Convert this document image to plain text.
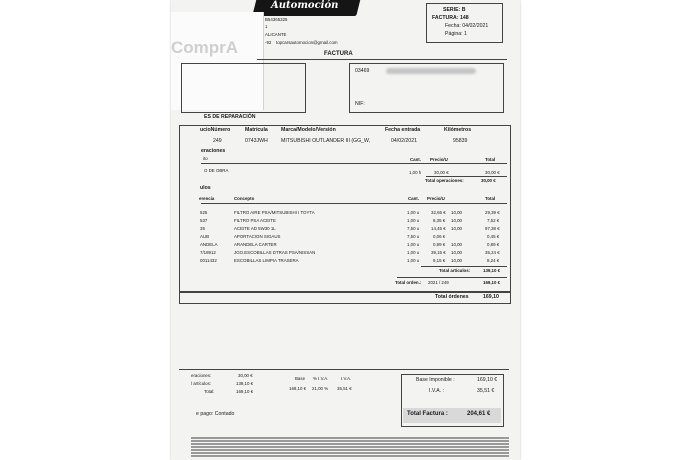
Automoción
ComprA
B54365325
1
ALICANTE
-92 topcarsautomocion@gmail.com
SERIE: B
FACTURA: 148
Fecha: 04/02/2021
Página: 1
FACTURA
03469
NIF:
ES DE REPARACIÓN
ucioNúmero	Matrícula	Marca/Modelo/Versión	Fecha entrada	Kilómetros
249	0743JWH	MITSUBISHI OUTLANDER III (GG_W,	04/02/2021	95839
eraciones
ito	Cant. Precio/U	Total
O DE OBRA	1,00 h	30,00 €	30,00 €
Total operaciones:	30,00 €
ulos
erencia	Concepto	Cant. Precio/U	Total
525	FILTRO AIRE PSA/MITSUBISHI I TOYTA	1,00 u	32,65 € 10,00	29,39 €
537	FILTRO PSA ACEITE	1,00 u	8,35 € 10,00	7,52 €
35	ACEITE AD 5W30 1L	7,50 u	14,45 € 10,00	97,38 €
AUB	APORTACION SIGAUS	7,50 u	0,06 €	0,45 €
ANDELA	ARANDELA CARTER	1,00 u	0,99 € 10,00	0,89 €
7/18912	JGO.ESCOBILLAS DTRAS PSA/NISSAN	1,00 u	39,15 € 10,00	35,24 €
0011432	ESCOBILLAS LIMPIA TRASERA	1,00 u	9,15 € 10,00	8,24 €
Total artículos:	139,10 €
Total orden.: 2021 / 249	169,10 €
Total órdenes	169,10
eraciones:	30,00 €
l artículos:	139,10 €
Total:	169,10 €
Base % I.V.A.	I.V.A.
169,10 € 21,00 % 35,51 €
Base Imponible :	169,10 €
I.V.A. :	35,51 €
Total Factura :	204,61 €
e pago: Contado
